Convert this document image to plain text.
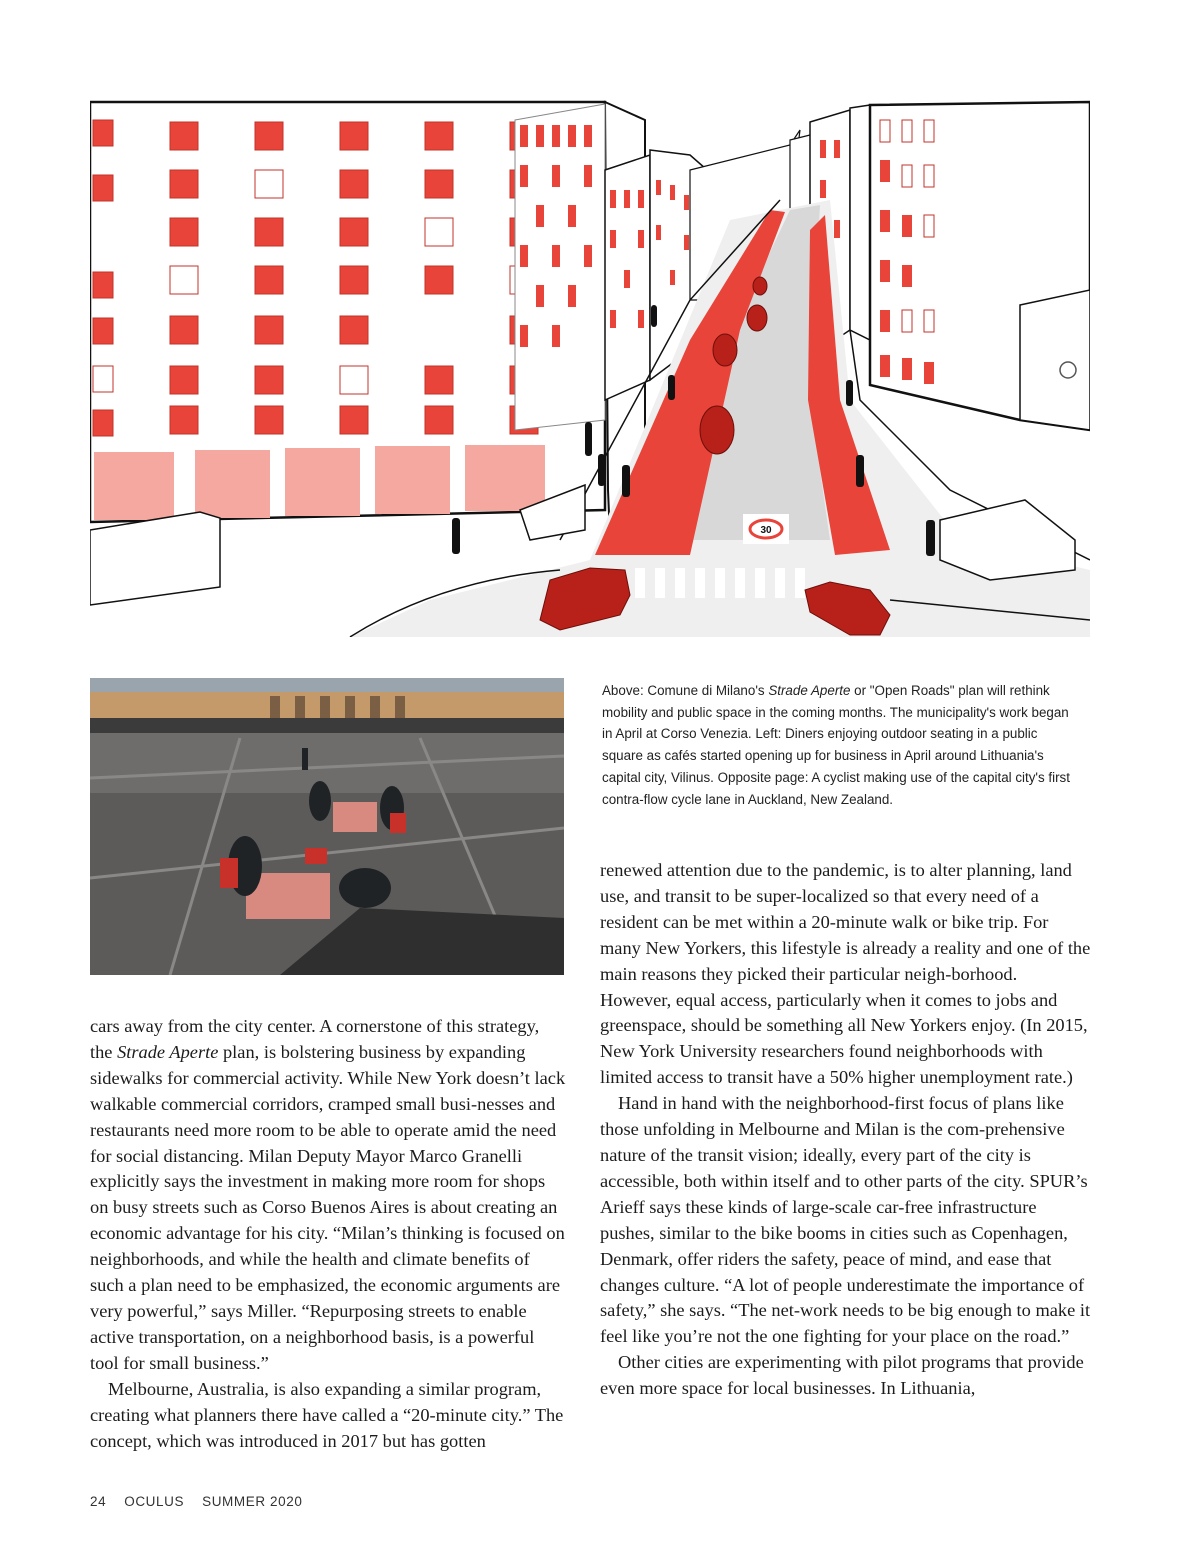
30

Above: Comune di Milano's Strade Aperte or "Open Roads" plan will rethink mobility and public space in the coming months. The municipality's work began in April at Corso Venezia. Left: Diners enjoying outdoor seating in a public square as cafés started opening up for business in April around Lithuania's capital city, Vilinus. Opposite page: A cyclist making use of the capital city's first contra-flow cycle lane in Auckland, New Zealand.

cars away from the city center. A cornerstone of this strategy, the Strade Aperte plan, is bolstering business by expanding sidewalks for commercial activity. While New York doesn’t lack walkable commercial corridors, cramped small busi-nesses and restaurants need more room to be able to operate amid the need for social distancing. Milan Deputy Mayor Marco Granelli explicitly says the investment in making more room for shops on busy streets such as Corso Buenos Aires is about creating an economic advantage for his city. “Milan’s thinking is focused on neighborhoods, and while the health and climate benefits of such a plan need to be emphasized, the economic arguments are very powerful,” says Miller. “Repurposing streets to enable active transportation, on a neighborhood basis, is a powerful tool for small business.”

Melbourne, Australia, is also expanding a similar program, creating what planners there have called a “20-minute city.” The concept, which was introduced in 2017 but has gotten

renewed attention due to the pandemic, is to alter planning, land use, and transit to be super-localized so that every need of a resident can be met within a 20-minute walk or bike trip. For many New Yorkers, this lifestyle is already a reality and one of the main reasons they picked their particular neigh-borhood. However, equal access, particularly when it comes to jobs and greenspace, should be something all New Yorkers enjoy. (In 2015, New York University researchers found neighborhoods with limited access to transit have a 50% higher unemployment rate.)

Hand in hand with the neighborhood-first focus of plans like those unfolding in Melbourne and Milan is the com-prehensive nature of the transit vision; ideally, every part of the city is accessible, both within itself and to other parts of the city. SPUR’s Arieff says these kinds of large-scale car-free infrastructure pushes, similar to the bike booms in cities such as Copenhagen, Denmark, offer riders the safety, peace of mind, and ease that changes culture. “A lot of people underestimate the importance of safety,” she says. “The net-work needs to be big enough to make it feel like you’re not the one fighting for your place on the road.”

Other cities are experimenting with pilot programs that provide even more space for local businesses. In Lithuania,

24 OCULUS SUMMER 2020
